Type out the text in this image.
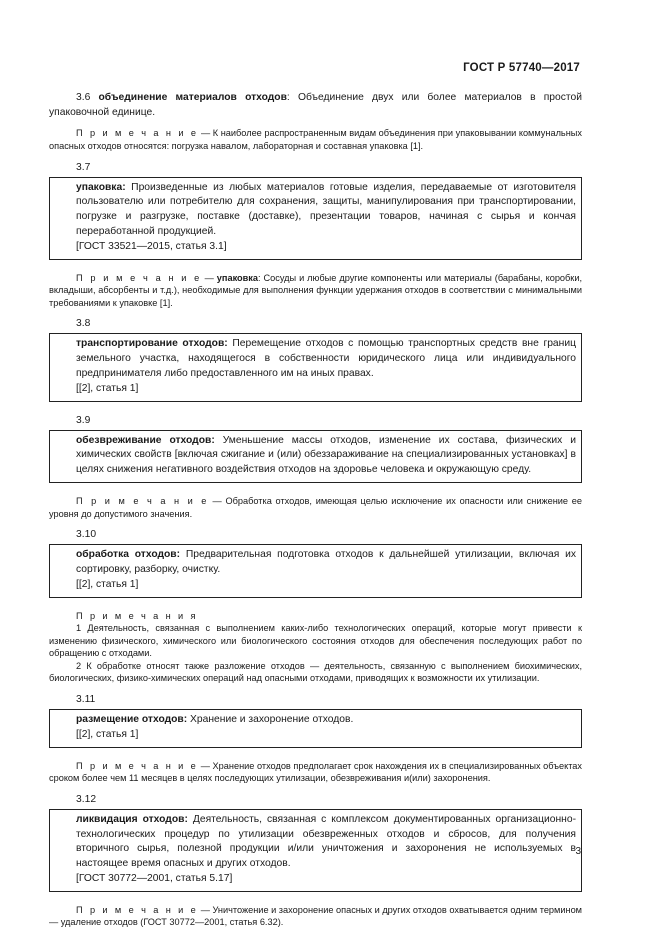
ГОСТ Р 57740—2017

3.6 объединение материалов отходов: Объединение двух или более материалов в простой упаковочной единице.

П р и м е ч а н и е — К наиболее распространенным видам объединения при упаковывании коммунальных опасных отходов относятся: погрузка навалом, лабораторная и составная упаковка [1].
3.7

упаковка: Произведенные из любых материалов готовые изделия, передаваемые от изготовителя пользователю или потребителю для сохранения, защиты, манипулирования при транспортировании, погрузке и разгрузке, поставке (доставке), презентации товаров, начиная с сырья и кончая переработанной продукцией.

[ГОСТ 33521—2015, статья 3.1]

П р и м е ч а н и е — упаковка: Сосуды и любые другие компоненты или материалы (барабаны, коробки, вкладыши, абсорбенты и т.д.), необходимые для выполнения функции удержания отходов в соответствии с минимальными требованиями к упаковке [1].
3.8

транспортирование отходов: Перемещение отходов с помощью транспортных средств вне границ земельного участка, находящегося в собственности юридического лица или индивидуального предпринимателя либо предоставленного им на иных правах.

[[2], статья 1]

3.9

обезвреживание отходов: Уменьшение массы отходов, изменение их состава, физических и химических свойств [включая сжигание и (или) обеззараживание на специализированных установках] в целях снижения негативного воздействия отходов на здоровье человека и окружающую среду.

П р и м е ч а н и е — Обработка отходов, имеющая целью исключение их опасности или снижение ее уровня до допустимого значения.
3.10

обработка отходов: Предварительная подготовка отходов к дальнейшей утилизации, включая их сортировку, разборку, очистку.

[[2], статья 1]

П р и м е ч а н и я

1 Деятельность, связанная с выполнением каких-либо технологических операций, которые могут привести к изменению физического, химического или биологического состояния отходов для обеспечения последующих работ по обращению с отходами.

2 К обработке относят также разложение отходов — деятельность, связанную с выполнением биохимических, биологических, физико-химических операций над опасными отходами, приводящих к возможности их утилизации.

3.11

размещение отходов: Хранение и захоронение отходов.

[[2], статья 1]

П р и м е ч а н и е — Хранение отходов предполагает срок нахождения их в специализированных объектах сроком более чем 11 месяцев в целях последующих утилизации, обезвреживания и(или) захоронения.
3.12

ликвидация отходов: Деятельность, связанная с комплексом документированных организационно-технологических процедур по утилизации обезвреженных отходов и сбросов, для получения вторичного сырья, полезной продукции и/или уничтожения и захоронения не используемых в настоящее время опасных и других отходов.

[ГОСТ 30772—2001, статья 5.17]

П р и м е ч а н и е — Уничтожение и захоронение опасных и других отходов охватывается одним термином — удаление отходов (ГОСТ 30772—2001, статья 6.32).
3
